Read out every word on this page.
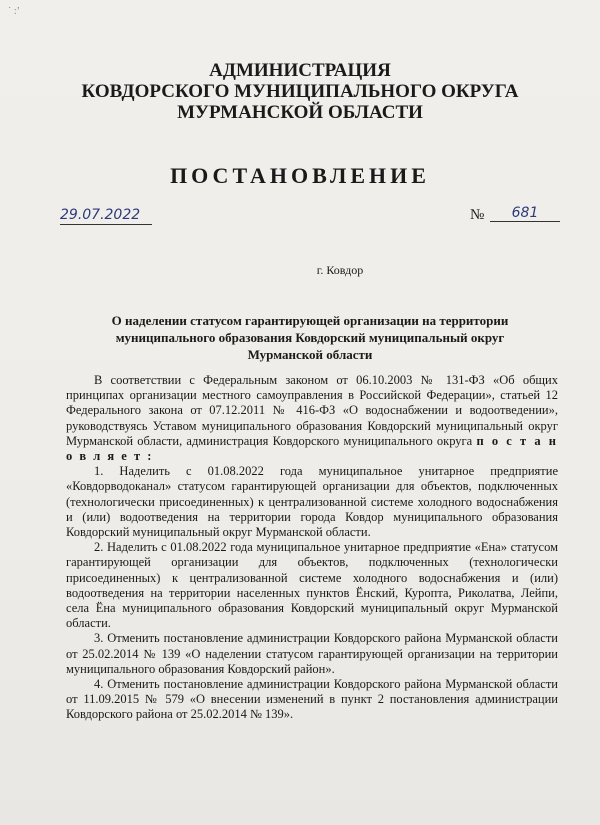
˙ :’
АДМИНИСТРАЦИЯ
КОВДОРСКОГО МУНИЦИПАЛЬНОГО ОКРУГА
МУРМАНСКОЙ ОБЛАСТИ
ПОСТАНОВЛЕНИЕ
29.07.2022	№	681
г. Ковдор
О наделении статусом гарантирующей организации на территории
муниципального образования Ковдорский муниципальный округ
Мурманской области

В соответствии с Федеральным законом от 06.10.2003 № 131-ФЗ «Об общих принципах организации местного самоуправления в Российской Федерации», статьей 12 Федерального закона от 07.12.2011 № 416-ФЗ «О водоснабжении и водоотведении», руководствуясь Уставом муниципального образования Ковдорский муниципальный округ Мурманской области, администрация Ковдорского муниципального округа п о с т а н о в л я е т :

1. Наделить с 01.08.2022 года муниципальное унитарное предприятие «Ковдорводоканал» статусом гарантирующей организации для объектов, подключенных (технологически присоединенных) к централизованной системе холодного водоснабжения и (или) водоотведения на территории города Ковдор муниципального образования Ковдорский муниципальный округ Мурманской области.

2. Наделить с 01.08.2022 года муниципальное унитарное предприятие «Ена» статусом гарантирующей организации для объектов, подключенных (технологически присоединенных) к централизованной системе холодного водоснабжения и (или) водоотведения на территории населенных пунктов Ёнский, Куропта, Риколатва, Лейпи, села Ёна муниципального образования Ковдорский муниципальный округ Мурманской области.

3. Отменить постановление администрации Ковдорского района Мурманской области от 25.02.2014 № 139 «О наделении статусом гарантирующей организации на территории муниципального образования Ковдорский район».

4. Отменить постановление администрации Ковдорского района Мурманской области от 11.09.2015 № 579 «О внесении изменений в пункт 2 постановления администрации Ковдорского района от 25.02.2014 № 139».
